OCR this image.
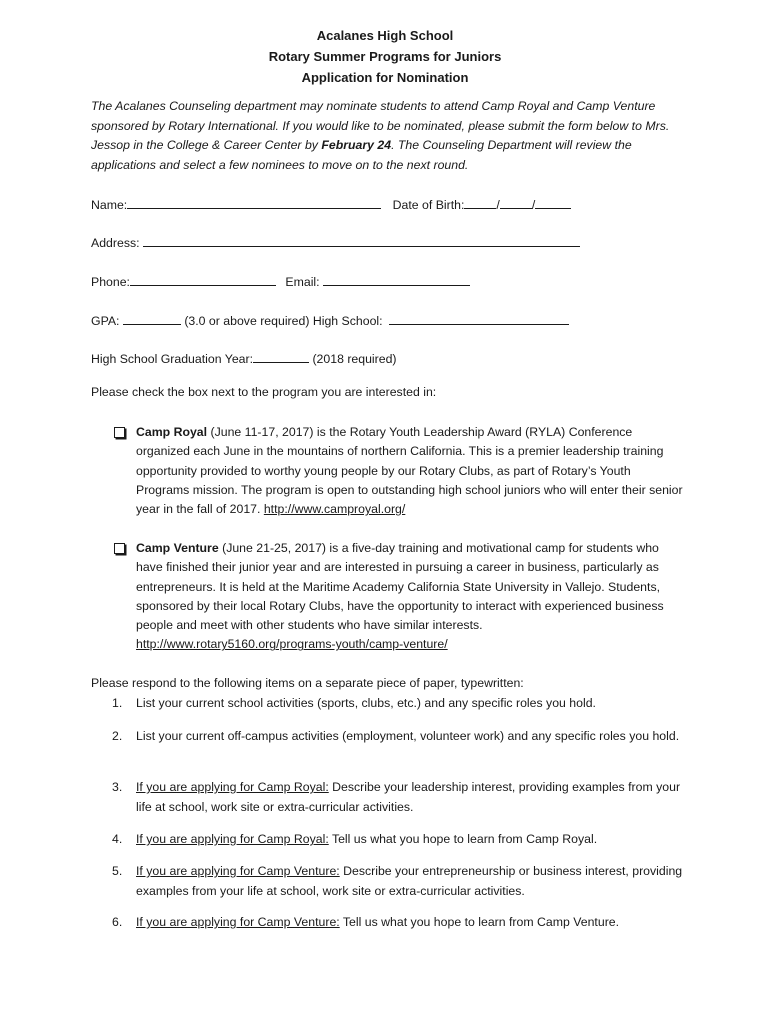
Acalanes High School
Rotary Summer Programs for Juniors
Application for Nomination
The Acalanes Counseling department may nominate students to attend Camp Royal and Camp Venture sponsored by Rotary International. If you would like to be nominated, please submit the form below to Mrs. Jessop in the College & Career Center by February 24. The Counseling Department will review the applications and select a few nominees to move on to the next round.
Name:	Date of Birth:	/	/
Address:
Phone:	Email:
GPA:	(3.0 or above required) High School:
High School Graduation Year:	(2018 required)
Please check the box next to the program you are interested in:
Camp Royal (June 11-17, 2017) is the Rotary Youth Leadership Award (RYLA) Conference organized each June in the mountains of northern California. This is a premier leadership training opportunity provided to worthy young people by our Rotary Clubs, as part of Rotary’s Youth Programs mission. The program is open to outstanding high school juniors who will enter their senior year in the fall of 2017. http://www.camproyal.org/
Camp Venture (June 21-25, 2017) is a five-day training and motivational camp for students who have finished their junior year and are interested in pursuing a career in business, particularly as entrepreneurs. It is held at the Maritime Academy California State University in Vallejo. Students, sponsored by their local Rotary Clubs, have the opportunity to interact with experienced business people and meet with other students who have similar interests. http://www.rotary5160.org/programs-youth/camp-venture/
Please respond to the following items on a separate piece of paper, typewritten:
1. List your current school activities (sports, clubs, etc.) and any specific roles you hold.
2. List your current off-campus activities (employment, volunteer work) and any specific roles you hold.
3. If you are applying for Camp Royal: Describe your leadership interest, providing examples from your life at school, work site or extra-curricular activities.
4. If you are applying for Camp Royal: Tell us what you hope to learn from Camp Royal.
5. If you are applying for Camp Venture: Describe your entrepreneurship or business interest, providing examples from your life at school, work site or extra-curricular activities.
6. If you are applying for Camp Venture: Tell us what you hope to learn from Camp Venture.
